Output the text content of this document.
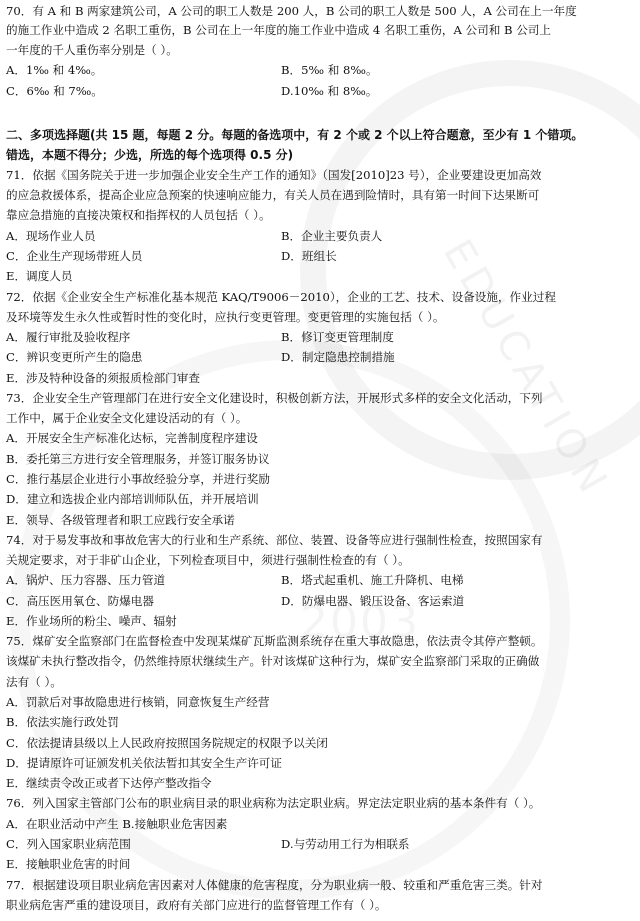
EDUCATION
70．有 A 和 B 两家建筑公司，A 公司的职工人数是 200 人，B 公司的职工人数是 500 人，A 公司在上一年度
的施工作业中造成 2 名职工重伤，B 公司在上一年度的施工作业中造成 4 名职工重伤，A 公司和 B 公司上
一年度的千人重伤率分别是（ ）。
A．1‰ 和 4‰。	B．5‰ 和 8‰。
C．6‰ 和 7‰。	D.10‰ 和 8‰。
二、多项选择题(共 15 题，每题 2 分。每题的备选项中，有 2 个或 2 个以上符合题意，至少有 1 个错项。
错选，本题不得分；少选，所选的每个选项得 0.5 分)
71．依据《国务院关于进一步加强企业安全生产工作的通知》（国发[2010]23 号），企业要建设更加高效
的应急救援体系，提高企业应急预案的快速响应能力，有关人员在遇到险情时，具有第一时间下达果断可
靠应急措施的直接决策权和指挥权的人员包括（ ）。
A．现场作业人员	B．企业主要负责人
C．企业生产现场带班人员	D．班组长
E．调度人员
72．依据《企业安全生产标准化基本规范 KAQ/T9006－2010），企业的工艺、技术、设备设施，作业过程
及环境等发生永久性或暂时性的变化时，应执行变更管理。变更管理的实施包括（ ）。
A．履行审批及验收程序	B．修订变更管理制度
C．辨识变更所产生的隐患	D．制定隐患控制措施
E．涉及特种设备的须报质检部门审查
73．企业安全生产管理部门在进行安全文化建设时，积极创新方法，开展形式多样的安全文化活动，下列
工作中，属于企业安全文化建设活动的有（ ）。
A．开展安全生产标准化达标，完善制度程序建设
B．委托第三方进行安全管理服务，并签订服务协议
C．推行基层企业进行小事故经验分享，并进行奖励
D．建立和选拔企业内部培训师队伍，并开展培训
E．领导、各级管理者和职工应践行安全承诺
74．对于易发事故和事故危害大的行业和生产系统、部位、装置、设备等应进行强制性检查，按照国家有
关规定要求，对于非矿山企业，下列检查项目中，须进行强制性检查的有（ ）。
A．锅炉、压力容器、压力管道	B．塔式起重机、施工升降机、电梯
C．高压医用氧仓、防爆电器	D．防爆电器、锻压设备、客运索道
E．作业场所的粉尘、噪声、辐射
75．煤矿安全监察部门在监督检查中发现某煤矿瓦斯监测系统存在重大事故隐患，依法责令其停产整顿。
该煤矿未执行整改指令，仍然维持原状继续生产。针对该煤矿这种行为，煤矿安全监察部门采取的正确做
法有（ ）。
A．罚款后对事故隐患进行核销，同意恢复生产经营
B．依法实施行政处罚
C．依法提请县级以上人民政府按照国务院规定的权限予以关闭
D．提请原许可证颁发机关依法暂扣其安全生产许可证
E．继续责令改正或者下达停产整改指令
76．列入国家主管部门公布的职业病目录的职业病称为法定职业病。界定法定职业病的基本条件有（ ）。
A．在职业活动中产生 B.接触职业危害因素
C．列入国家职业病范围	D.与劳动用工行为相联系
E．接触职业危害的时间
77．根据建设项目职业病危害因素对人体健康的危害程度，分为职业病一般、较重和严重危害三类。针对
职业病危害严重的建设项目，政府有关部门应进行的监督管理工作有（ ）。
